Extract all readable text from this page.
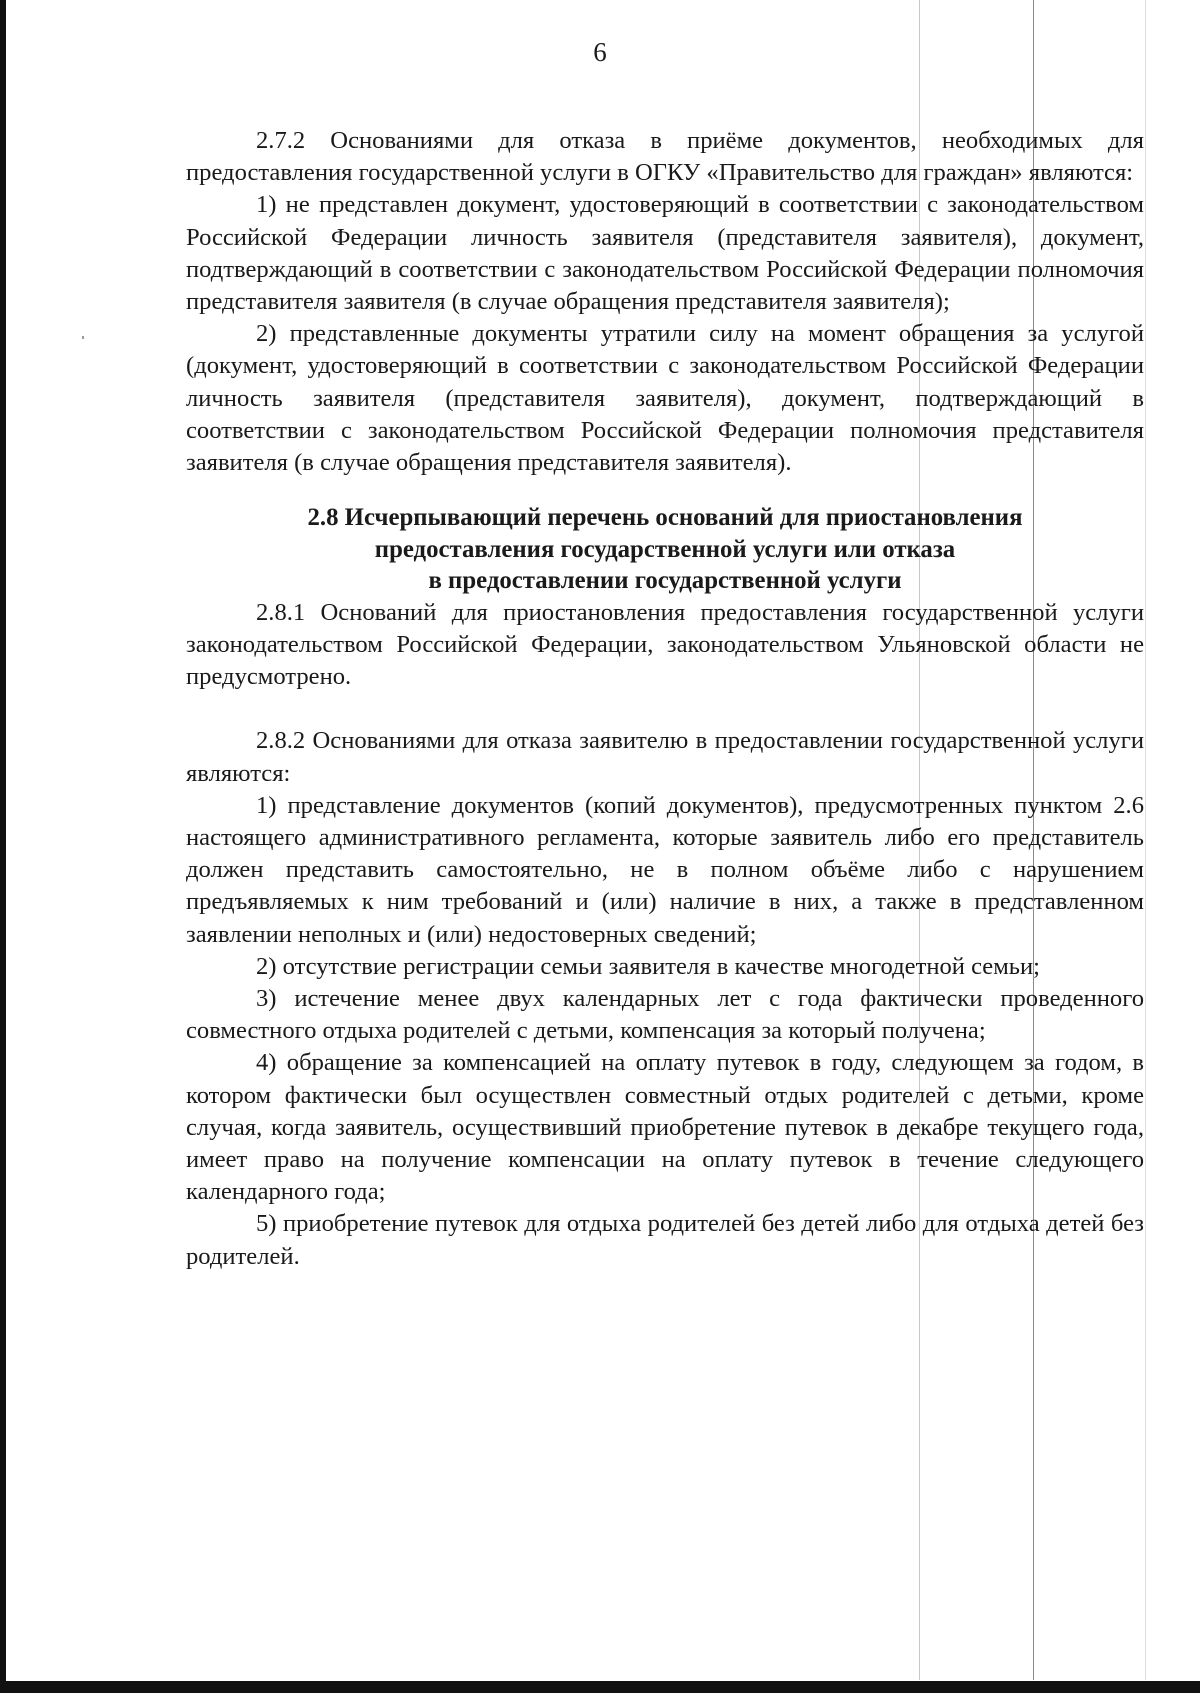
6

2.7.2 Основаниями для отказа в приёме документов, необходимых для предоставления государственной услуги в ОГКУ «Правительство для граждан» являются:

1) не представлен документ, удостоверяющий в соответствии с законодательством Российской Федерации личность заявителя (представителя заявителя), документ, подтверждающий в соответствии с законодательством Российской Федерации полномочия представителя заявителя (в случае обращения представителя заявителя);

2) представленные документы утратили силу на момент обращения за услугой (документ, удостоверяющий в соответствии с законодательством Российской Федерации личность заявителя (представителя заявителя), документ, подтверждающий в соответствии с законодательством Российской Федерации полномочия представителя заявителя (в случае обращения представителя заявителя).

2.8 Исчерпывающий перечень оснований для приостановления
предоставления государственной услуги или отказа
в предоставлении государственной услуги

2.8.1 Оснований для приостановления предоставления государственной услуги законодательством Российской Федерации, законодательством Ульяновской области не предусмотрено.

2.8.2 Основаниями для отказа заявителю в предоставлении государственной услуги являются:

1) представление документов (копий документов), предусмотренных пунктом 2.6 настоящего административного регламента, которые заявитель либо его представитель должен представить самостоятельно, не в полном объёме либо с нарушением предъявляемых к ним требований и (или) наличие в них, а также в представленном заявлении неполных и (или) недостоверных сведений;

2) отсутствие регистрации семьи заявителя в качестве многодетной семьи;

3) истечение менее двух календарных лет с года фактически проведенного совместного отдыха родителей с детьми, компенсация за который получена;

4) обращение за компенсацией на оплату путевок в году, следующем за годом, в котором фактически был осуществлен совместный отдых родителей с детьми, кроме случая, когда заявитель, осуществивший приобретение путевок в декабре текущего года, имеет право на получение компенсации на оплату путевок в течение следующего календарного года;

5) приобретение путевок для отдыха родителей без детей либо для отдыха детей без родителей.
